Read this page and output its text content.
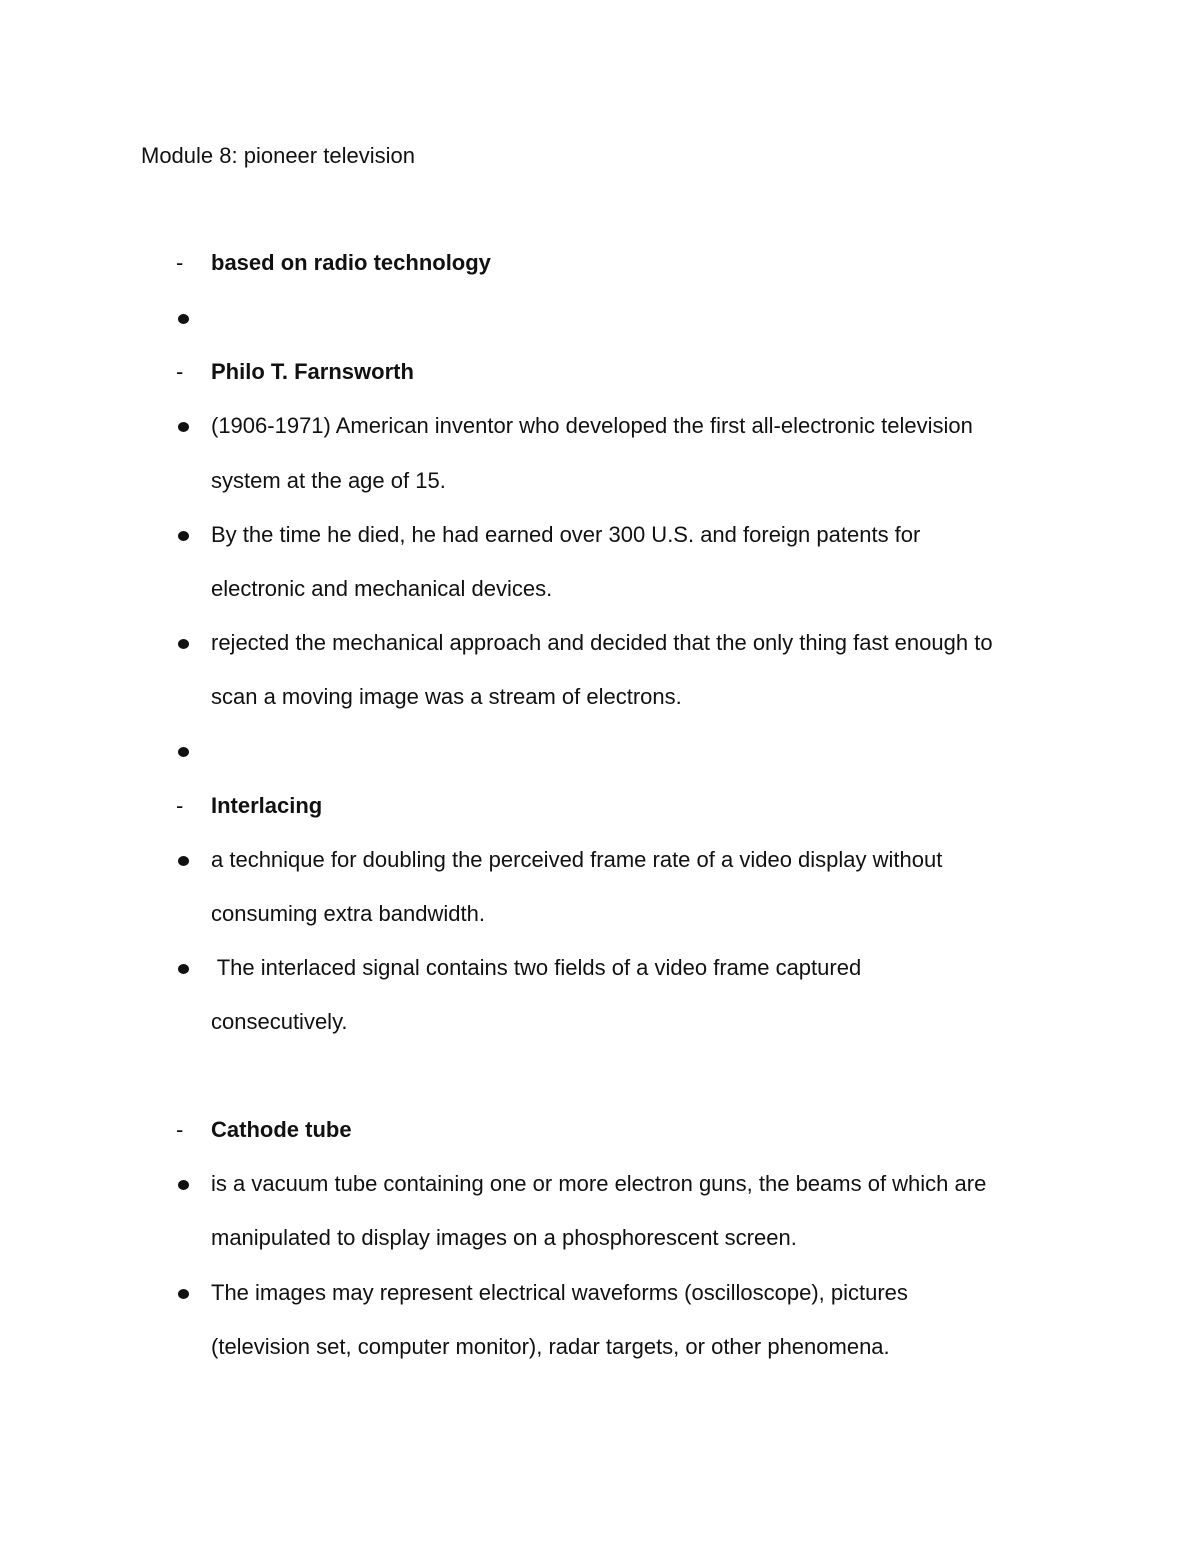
Module 8: pioneer television
-	based on radio technology
-	Philo T. Farnsworth
(1906-1971) American inventor who developed the first all-electronic television
system at the age of 15.
By the time he died, he had earned over 300 U.S. and foreign patents for
electronic and mechanical devices.
rejected the mechanical approach and decided that the only thing fast enough to
scan a moving image was a stream of electrons.
-	Interlacing
a technique for doubling the perceived frame rate of a video display without
consuming extra bandwidth.
The interlaced signal contains two fields of a video frame captured
consecutively.
-	Cathode tube
is a vacuum tube containing one or more electron guns, the beams of which are
manipulated to display images on a phosphorescent screen.
The images may represent electrical waveforms (oscilloscope), pictures
(television set, computer monitor), radar targets, or other phenomena.
